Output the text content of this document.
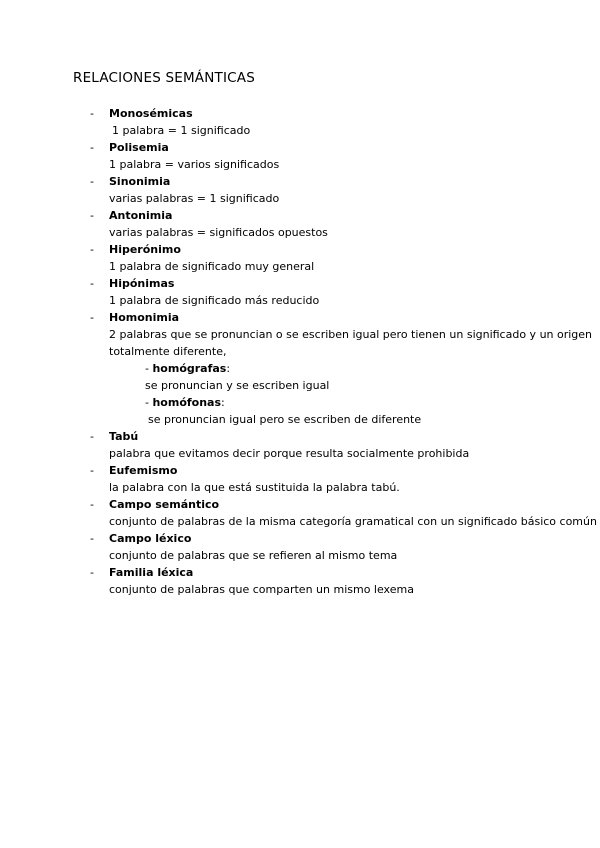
RELACIONES SEMÁNTICAS
- Monosémicas
1 palabra = 1 significado
- Polisemia
1 palabra = varios significados
- Sinonimia
varias palabras = 1 significado
- Antonimia
varias palabras = significados opuestos
- Hiperónimo
1 palabra de significado muy general
- Hipónimas
1 palabra de significado más reducido
- Homonimia
2 palabras que se pronuncian o se escriben igual pero tienen un significado y un origen totalmente diferente,
- homógrafas:
se pronuncian y se escriben igual
- homófonas:
se pronuncian igual pero se escriben de diferente
- Tabú
palabra que evitamos decir porque resulta socialmente prohibida
- Eufemismo
la palabra con la que está sustituida la palabra tabú.
- Campo semántico
conjunto de palabras de la misma categoría gramatical con un significado básico común
- Campo léxico
conjunto de palabras que se refieren al mismo tema
- Familia léxica
conjunto de palabras que comparten un mismo lexema
